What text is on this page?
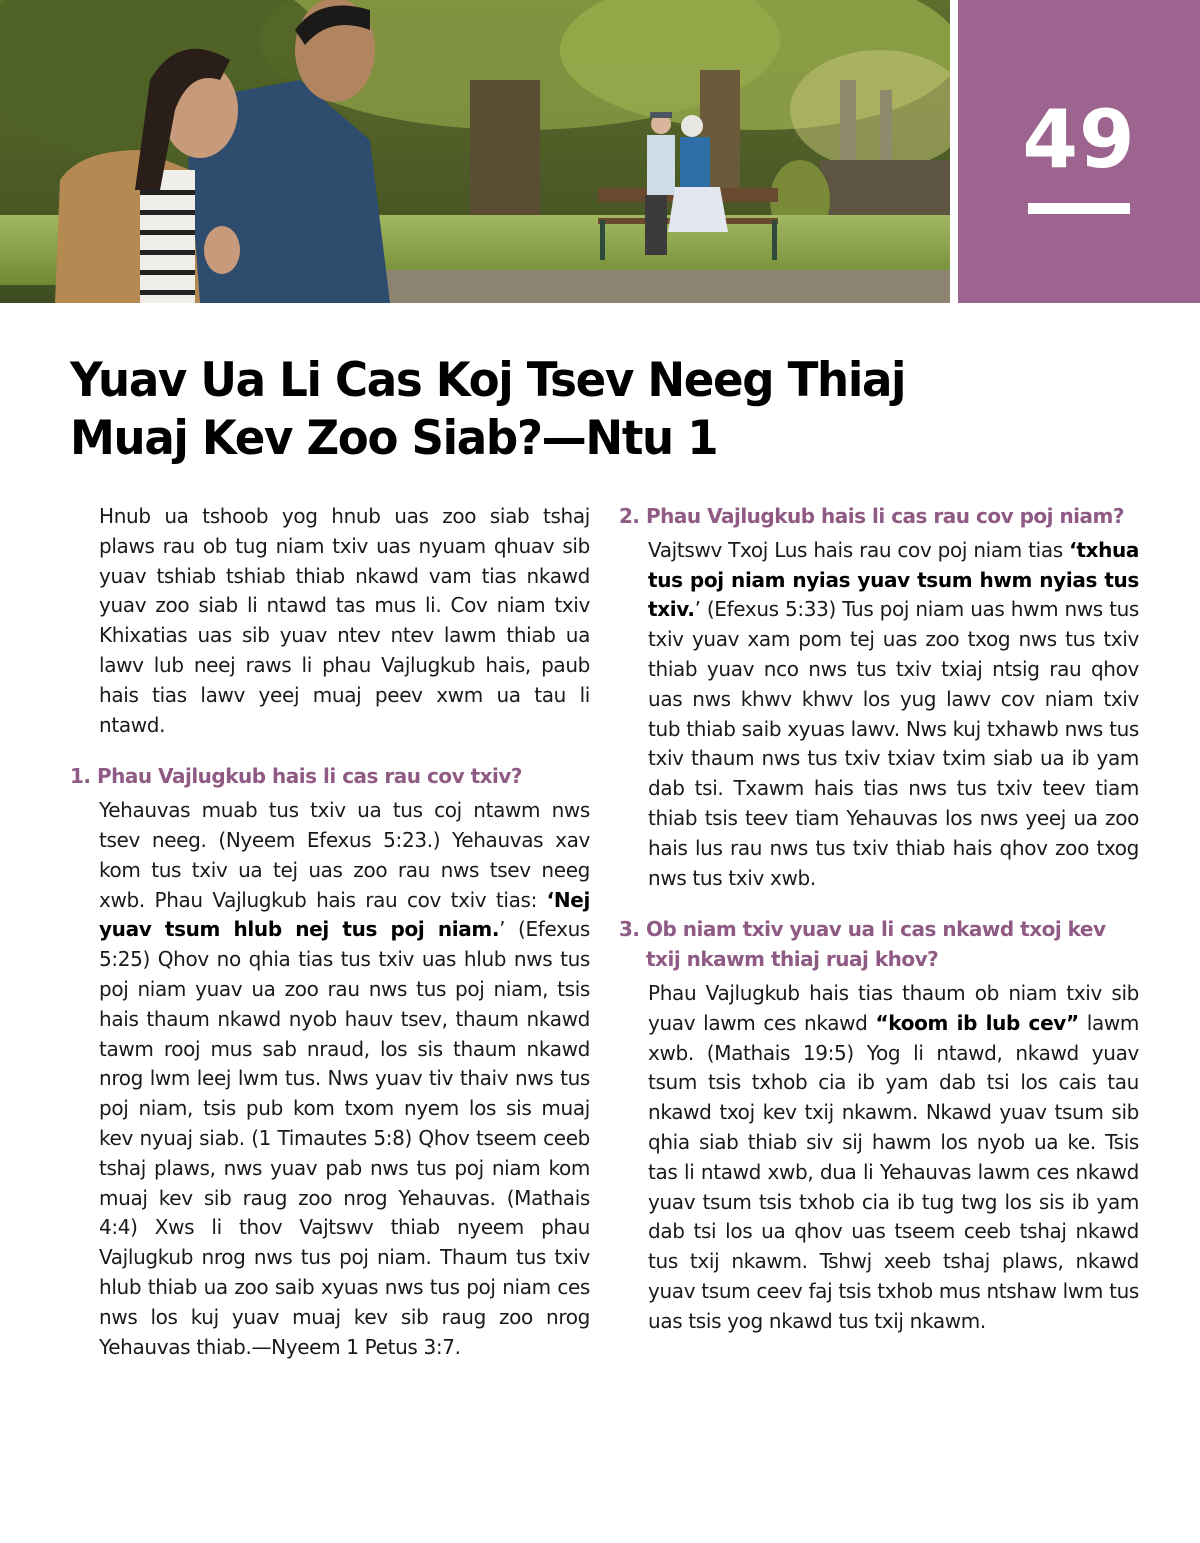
49
Yuav Ua Li Cas Koj Tsev Neeg Thiaj
Muaj Kev Zoo Siab?—Ntu 1

Hnub ua tshoob yog hnub uas zoo siab tshaj plaws rau ob tug niam txiv uas nyuam qhuav sib yuav tshiab tshiab thiab nkawd vam tias nkawd yuav zoo siab li ntawd tas mus li. Cov niam txiv Khixatias uas sib yuav ntev ntev lawm thiab ua lawv lub neej raws li phau Vajlugkub hais, paub hais tias lawv yeej muaj peev xwm ua tau li ntawd.

1. Phau Vajlugkub hais li cas rau cov txiv?

Yehauvas muab tus txiv ua tus coj ntawm nws tsev neeg. (Nyeem Efexus 5:23.) Yehauvas xav kom tus txiv ua tej uas zoo rau nws tsev neeg xwb. Phau Vajlugkub hais rau cov txiv tias: ‘Nej yuav tsum hlub nej tus poj niam.’ (Efexus 5:25) Qhov no qhia tias tus txiv uas hlub nws tus poj niam yuav ua zoo rau nws tus poj niam, tsis hais thaum nkawd nyob hauv tsev, thaum nkawd tawm rooj mus sab nraud, los sis thaum nkawd nrog lwm leej lwm tus. Nws yuav tiv thaiv nws tus poj niam, tsis pub kom txom nyem los sis muaj kev nyuaj siab. (1 Timautes 5:8) Qhov tseem ceeb tshaj plaws, nws yuav pab nws tus poj niam kom muaj kev sib raug zoo nrog Yehauvas. (Mathais 4:4) Xws li thov Vajtswv thiab nyeem phau Vajlugkub nrog nws tus poj niam. Thaum tus txiv hlub thiab ua zoo saib xyuas nws tus poj niam ces nws los kuj yuav muaj kev sib raug zoo nrog Yehauvas thiab.—Nyeem 1 Petus 3:7.

2. Phau Vajlugkub hais li cas rau cov poj niam?

Vajtswv Txoj Lus hais rau cov poj niam tias ‘txhua tus poj niam nyias yuav tsum hwm nyias tus txiv.’ (Efexus 5:33) Tus poj niam uas hwm nws tus txiv yuav xam pom tej uas zoo txog nws tus txiv thiab yuav nco nws tus txiv txiaj ntsig rau qhov uas nws khwv khwv los yug lawv cov niam txiv tub thiab saib xyuas lawv. Nws kuj txhawb nws tus txiv thaum nws tus txiv txiav txim siab ua ib yam dab tsi. Txawm hais tias nws tus txiv teev tiam thiab tsis teev tiam Yehauvas los nws yeej ua zoo hais lus rau nws tus txiv thiab hais qhov zoo txog nws tus txiv xwb.

3. Ob niam txiv yuav ua li cas nkawd txoj kev txij nkawm thiaj ruaj khov?

Phau Vajlugkub hais tias thaum ob niam txiv sib yuav lawm ces nkawd “koom ib lub cev” lawm xwb. (Mathais 19:5) Yog li ntawd, nkawd yuav tsum tsis txhob cia ib yam dab tsi los cais tau nkawd txoj kev txij nkawm. Nkawd yuav tsum sib qhia siab thiab siv sij hawm los nyob ua ke. Tsis tas li ntawd xwb, dua li Yehauvas lawm ces nkawd yuav tsum tsis txhob cia ib tug twg los sis ib yam dab tsi los ua qhov uas tseem ceeb tshaj nkawd tus txij nkawm. Tshwj xeeb tshaj plaws, nkawd yuav tsum ceev faj tsis txhob mus ntshaw lwm tus uas tsis yog nkawd tus txij nkawm.
